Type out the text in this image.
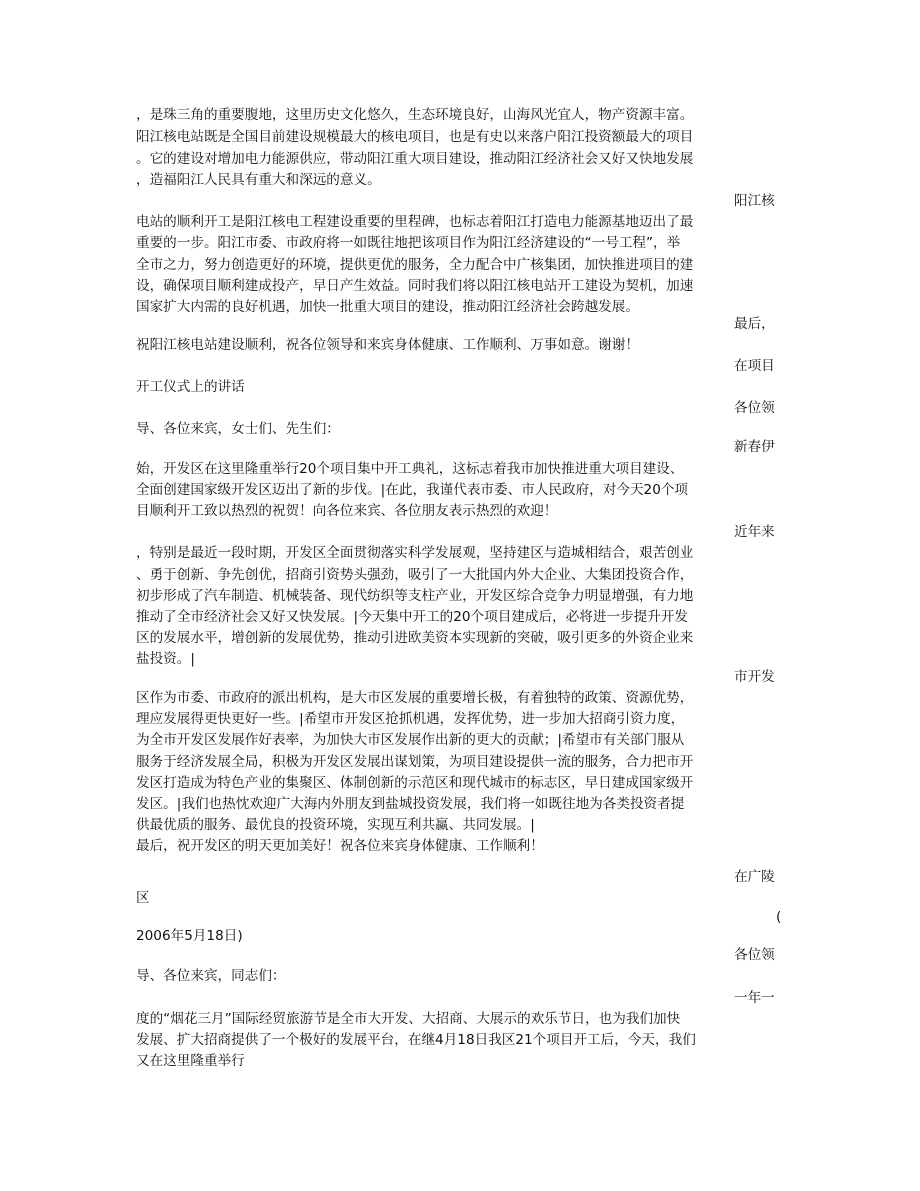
，是珠三角的重要腹地，这里历史文化悠久，生态环境良好，山海风光宜人，物产资源丰富。
阳江核电站既是全国目前建设规模最大的核电项目，也是有史以来落户阳江投资额最大的项目
。它的建设对增加电力能源供应，带动阳江重大项目建设，推动阳江经济社会又好又快地发展
，造福阳江人民具有重大和深远的意义。
阳江核
电站的顺利开工是阳江核电工程建设重要的里程碑，也标志着阳江打造电力能源基地迈出了最
重要的一步。阳江市委、市政府将一如既往地把该项目作为阳江经济建设的“一号工程”，举
全市之力，努力创造更好的环境，提供更优的服务，全力配合中广核集团，加快推进项目的建
设，确保项目顺利建成投产，早日产生效益。同时我们将以阳江核电站开工建设为契机，加速
国家扩大内需的良好机遇，加快一批重大项目的建设，推动阳江经济社会跨越发展。
最后，
祝阳江核电站建设顺利，祝各位领导和来宾身体健康、工作顺利、万事如意。谢谢！
在项目
开工仪式上的讲话
各位领
导、各位来宾，女士们、先生们：
新春伊
始，开发区在这里隆重举行20个项目集中开工典礼，这标志着我市加快推进重大项目建设、
全面创建国家级开发区迈出了新的步伐。|在此，我谨代表市委、市人民政府，对今天20个项
目顺利开工致以热烈的祝贺！向各位来宾、各位朋友表示热烈的欢迎！
近年来
，特别是最近一段时期，开发区全面贯彻落实科学发展观，坚持建区与造城相结合，艰苦创业
、勇于创新、争先创优，招商引资势头强劲，吸引了一大批国内外大企业、大集团投资合作，
初步形成了汽车制造、机械装备、现代纺织等支柱产业，开发区综合竞争力明显增强，有力地
推动了全市经济社会又好又快发展。|今天集中开工的20个项目建成后，必将进一步提升开发
区的发展水平，增创新的发展优势，推动引进欧美资本实现新的突破，吸引更多的外资企业来
盐投资。|
市开发
区作为市委、市政府的派出机构，是大市区发展的重要增长极，有着独特的政策、资源优势，
理应发展得更快更好一些。|希望市开发区抢抓机遇，发挥优势，进一步加大招商引资力度，
为全市开发区发展作好表率，为加快大市区发展作出新的更大的贡献；|希望市有关部门服从
服务于经济发展全局，积极为开发区发展出谋划策，为项目建设提供一流的服务，合力把市开
发区打造成为特色产业的集聚区、体制创新的示范区和现代城市的标志区，早日建成国家级开
发区。|我们也热忱欢迎广大海内外朋友到盐城投资发展，我们将一如既往地为各类投资者提
供最优质的服务、最优良的投资环境，实现互利共赢、共同发展。|
最后，祝开发区的明天更加美好！祝各位来宾身体健康、工作顺利！
在广陵
区
(
2006年5月18日)
各位领
导、各位来宾，同志们：
一年一
度的“烟花三月”国际经贸旅游节是全市大开发、大招商、大展示的欢乐节日，也为我们加快
发展、扩大招商提供了一个极好的发展平台，在继4月18日我区21个项目开工后，今天，我们
又在这里隆重举行
